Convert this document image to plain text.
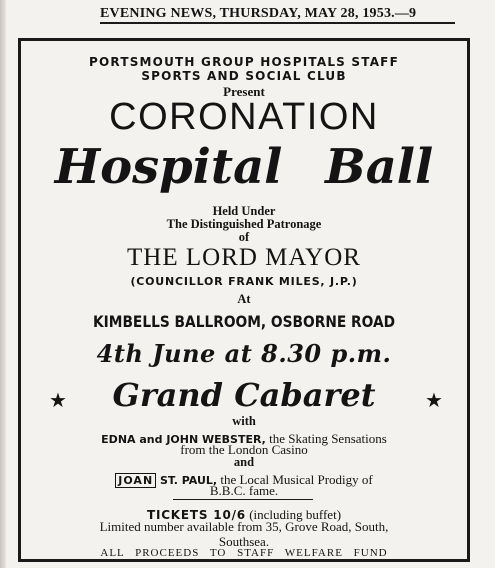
EVENING NEWS, THURSDAY, MAY 28, 1953.—9
PORTSMOUTH GROUP HOSPITALS STAFF
SPORTS AND SOCIAL CLUB
Present
CORONATION
Hospital Ball
Held Under
The Distinguished Patronage
of
THE LORD MAYOR
(COUNCILLOR FRANK MILES, J.P.)
At
KIMBELLS BALLROOM, OSBORNE ROAD
4th June at 8.30 p.m.
★	Grand Cabaret	★
with
EDNA and JOHN WEBSTER, the Skating Sensations
from the London Casino
and
JOAN ST. PAUL, the Local Musical Prodigy of
B.B.C. fame.
TICKETS 10/6 (including buffet)
Limited number available from 35, Grove Road, South,
Southsea.
ALL PROCEEDS TO STAFF WELFARE FUND
